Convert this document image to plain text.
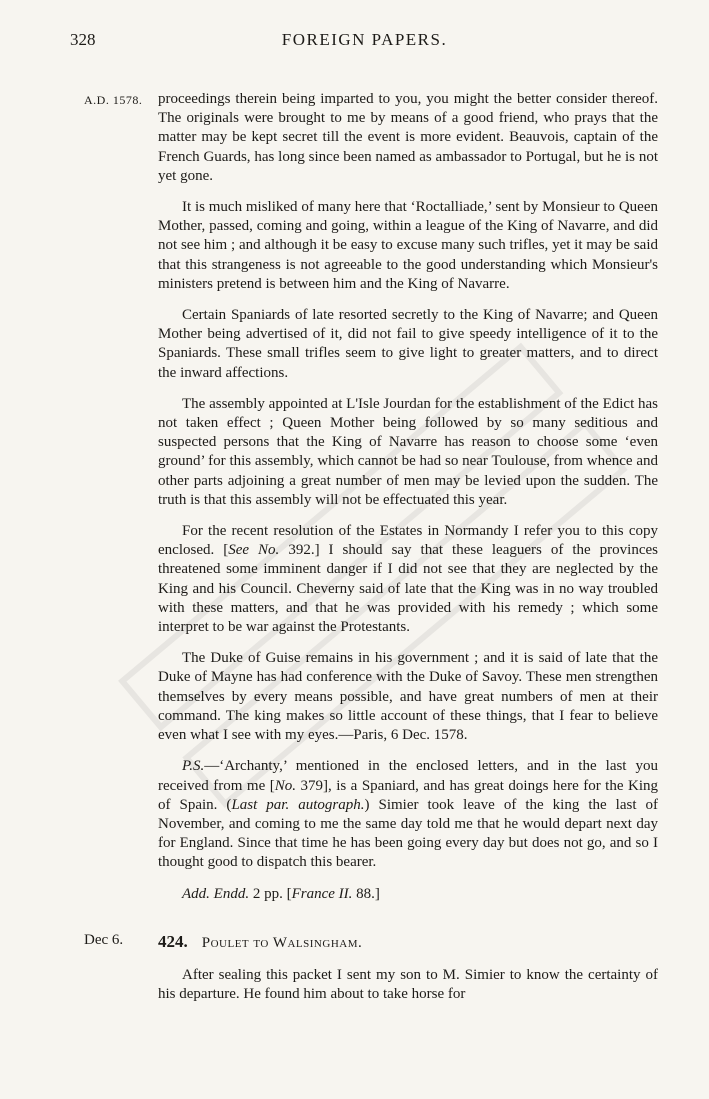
328	FOREIGN PAPERS.
A.D. 1578. proceedings therein being imparted to you, you might the better consider thereof. The originals were brought to me by means of a good friend, who prays that the matter may be kept secret till the event is more evident. Beauvois, captain of the French Guards, has long since been named as ambassador to Portugal, but he is not yet gone.

It is much misliked of many here that ‘Roctalliade,’ sent by Monsieur to Queen Mother, passed, coming and going, within a league of the King of Navarre, and did not see him ; and although it be easy to excuse many such trifles, yet it may be said that this strangeness is not agreeable to the good understanding which Monsieur's ministers pretend is between him and the King of Navarre.

Certain Spaniards of late resorted secretly to the King of Navarre; and Queen Mother being advertised of it, did not fail to give speedy intelligence of it to the Spaniards. These small trifles seem to give light to greater matters, and to direct the inward affections.

The assembly appointed at L'Isle Jourdan for the establishment of the Edict has not taken effect ; Queen Mother being followed by so many seditious and suspected persons that the King of Navarre has reason to choose some ‘even ground’ for this assembly, which cannot be had so near Toulouse, from whence and other parts adjoining a great number of men may be levied upon the sudden. The truth is that this assembly will not be effectuated this year.

For the recent resolution of the Estates in Normandy I refer you to this copy enclosed. [See No. 392.] I should say that these leaguers of the provinces threatened some imminent danger if I did not see that they are neglected by the King and his Council. Cheverny said of late that the King was in no way troubled with these matters, and that he was provided with his remedy ; which some interpret to be war against the Protestants.

The Duke of Guise remains in his government ; and it is said of late that the Duke of Mayne has had conference with the Duke of Savoy. These men strengthen themselves by every means possible, and have great numbers of men at their command. The king makes so little account of these things, that I fear to believe even what I see with my eyes.—Paris, 6 Dec. 1578.

P.S.—‘Archanty,’ mentioned in the enclosed letters, and in the last you received from me [No. 379], is a Spaniard, and has great doings here for the King of Spain. (Last par. autograph.) Simier took leave of the king the last of November, and coming to me the same day told me that he would depart next day for England. Since that time he has been going every day but does not go, and so I thought good to dispatch this bearer.

Add. Endd. 2 pp. [France II. 88.]

Dec 6. 424. Poulet to Walsingham.

After sealing this packet I sent my son to M. Simier to know the certainty of his departure. He found him about to take horse for
